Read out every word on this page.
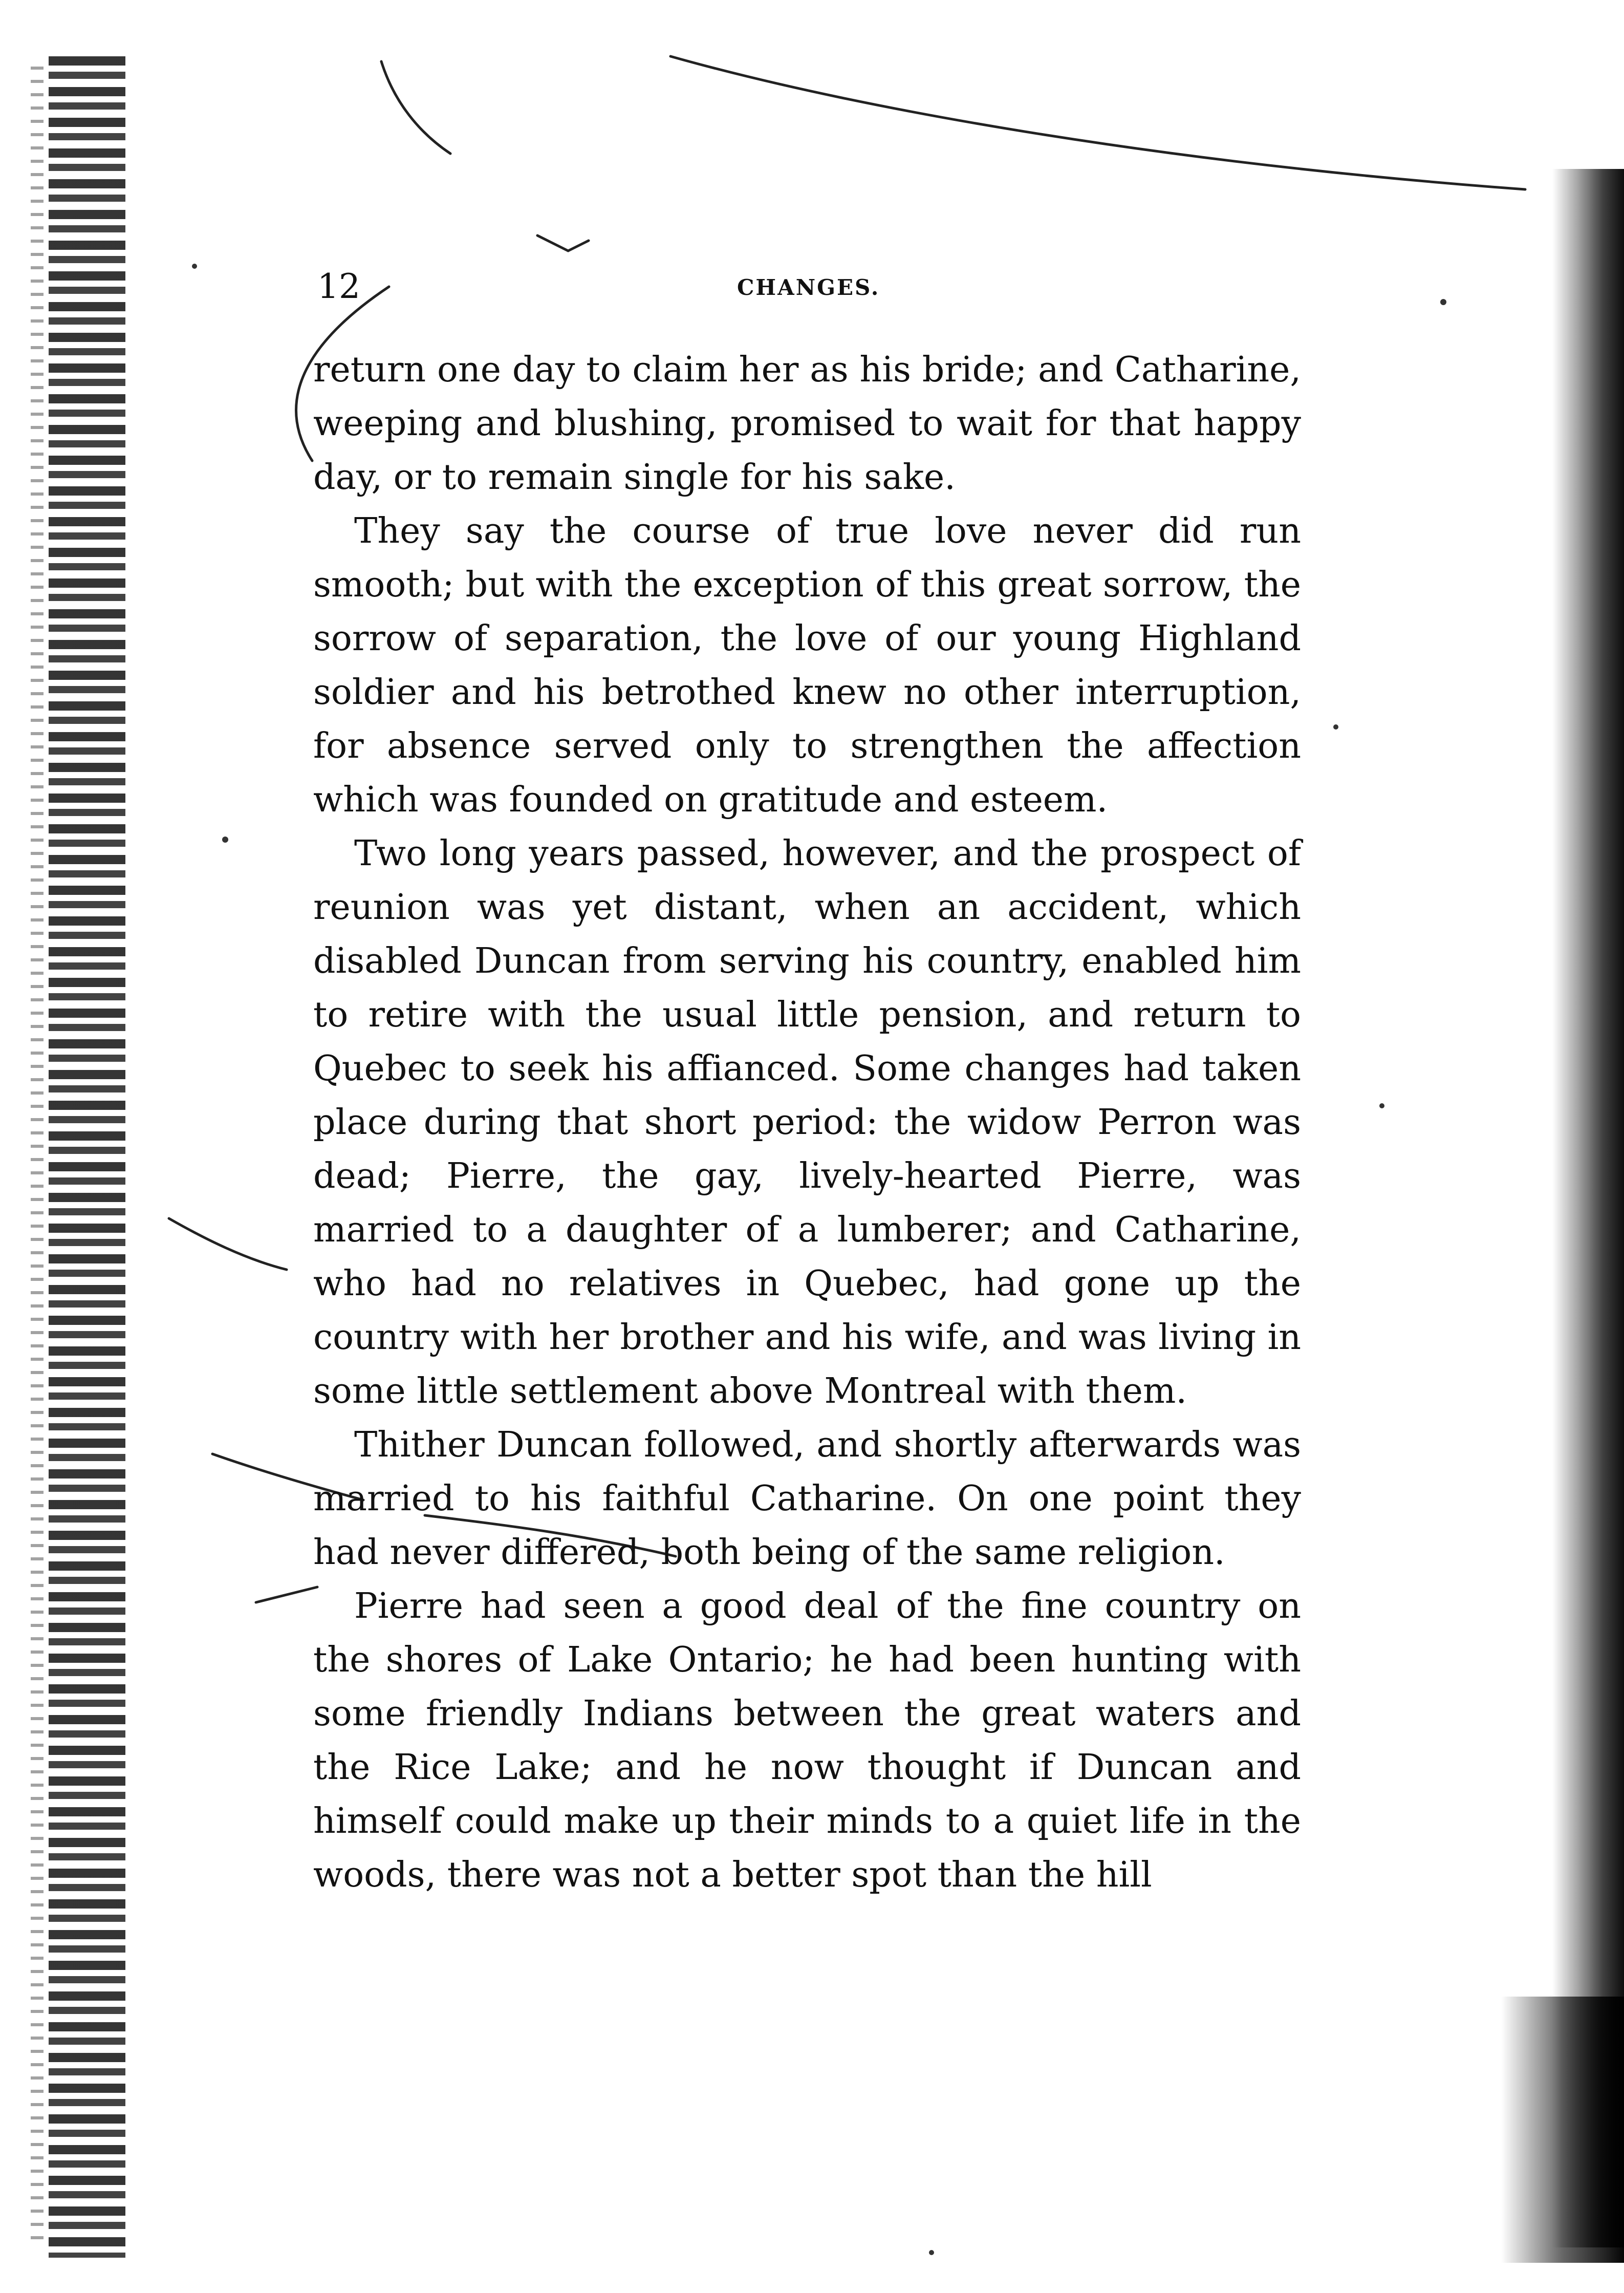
12	CHANGES.

return one day to claim her as his bride; and Catharine, weeping and blushing, promised to wait for that happy day, or to remain single for his sake.

They say the course of true love never did run smooth; but with the exception of this great sorrow, the sorrow of separation, the love of our young Highland soldier and his betrothed knew no other interruption, for absence served only to strengthen the affection which was founded on gratitude and esteem.

Two long years passed, however, and the prospect of reunion was yet distant, when an accident, which disabled Duncan from serving his country, enabled him to retire with the usual little pension, and return to Quebec to seek his affianced. Some changes had taken place during that short period: the widow Perron was dead; Pierre, the gay, lively-hearted Pierre, was married to a daughter of a lumberer; and Catharine, who had no relatives in Quebec, had gone up the country with her brother and his wife, and was living in some little settlement above Montreal with them.

Thither Duncan followed, and shortly afterwards was married to his faithful Catharine. On one point they had never differed, both being of the same religion.

Pierre had seen a good deal of the fine country on the shores of Lake Ontario; he had been hunting with some friendly Indians between the great waters and the Rice Lake; and he now thought if Duncan and himself could make up their minds to a quiet life in the woods, there was not a better spot than the hill
